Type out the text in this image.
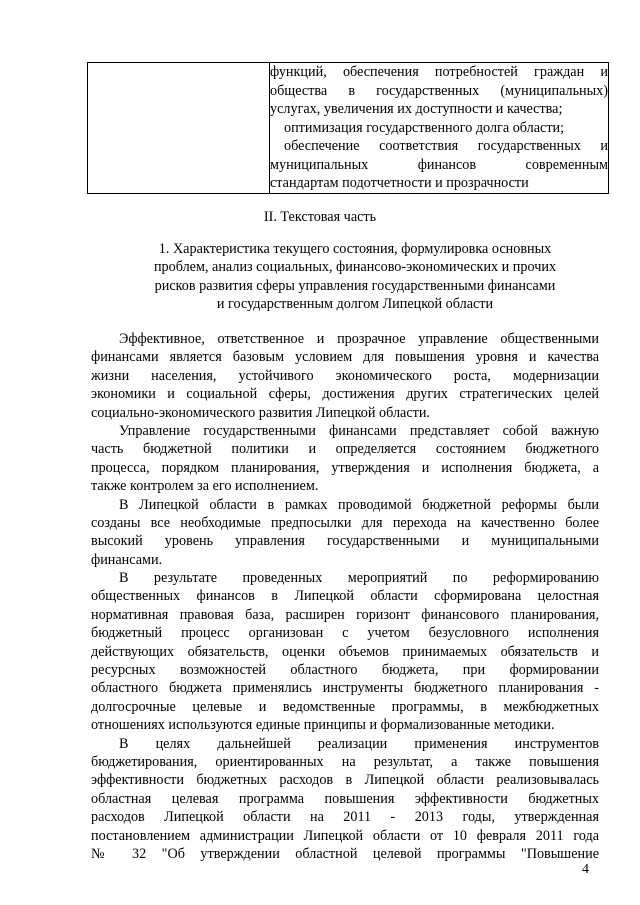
функций, обеспечения потребностей граждан и
общества в государственных (муниципальных)
услугах, увеличения их доступности и качества;
оптимизация государственного долга области;
обеспечение соответствия государственных и
муниципальных финансов современным
стандартам подотчетности и прозрачности
II. Текстовая часть
1. Характеристика текущего состояния, формулировка основных
проблем, анализ социальных, финансово-экономических и прочих
рисков развития сферы управления государственными финансами
и государственным долгом Липецкой области
Эффективное, ответственное и прозрачное управление общественными
финансами является базовым условием для повышения уровня и качества
жизни населения, устойчивого экономического роста, модернизации
экономики и социальной сферы, достижения других стратегических целей
социально-экономического развития Липецкой области.
Управление государственными финансами представляет собой важную
часть бюджетной политики и определяется состоянием бюджетного
процесса, порядком планирования, утверждения и исполнения бюджета, а
также контролем за его исполнением.
В Липецкой области в рамках проводимой бюджетной реформы были
созданы все необходимые предпосылки для перехода на качественно более
высокий уровень управления государственными и муниципальными
финансами.
В результате проведенных мероприятий по реформированию
общественных финансов в Липецкой области сформирована целостная
нормативная правовая база, расширен горизонт финансового планирования,
бюджетный процесс организован с учетом безусловного исполнения
действующих обязательств, оценки объемов принимаемых обязательств и
ресурсных возможностей областного бюджета, при формировании
областного бюджета применялись инструменты бюджетного планирования -
долгосрочные целевые и ведомственные программы, в межбюджетных
отношениях используются единые принципы и формализованные методики.
В целях дальнейшей реализации применения инструментов
бюджетирования, ориентированных на результат, а также повышения
эффективности бюджетных расходов в Липецкой области реализовывалась
областная целевая программа повышения эффективности бюджетных
расходов Липецкой области на 2011 - 2013 годы, утвержденная
постановлением администрации Липецкой области от 10 февраля 2011 года
№ 32 "Об утверждении областной целевой программы "Повышение
4
